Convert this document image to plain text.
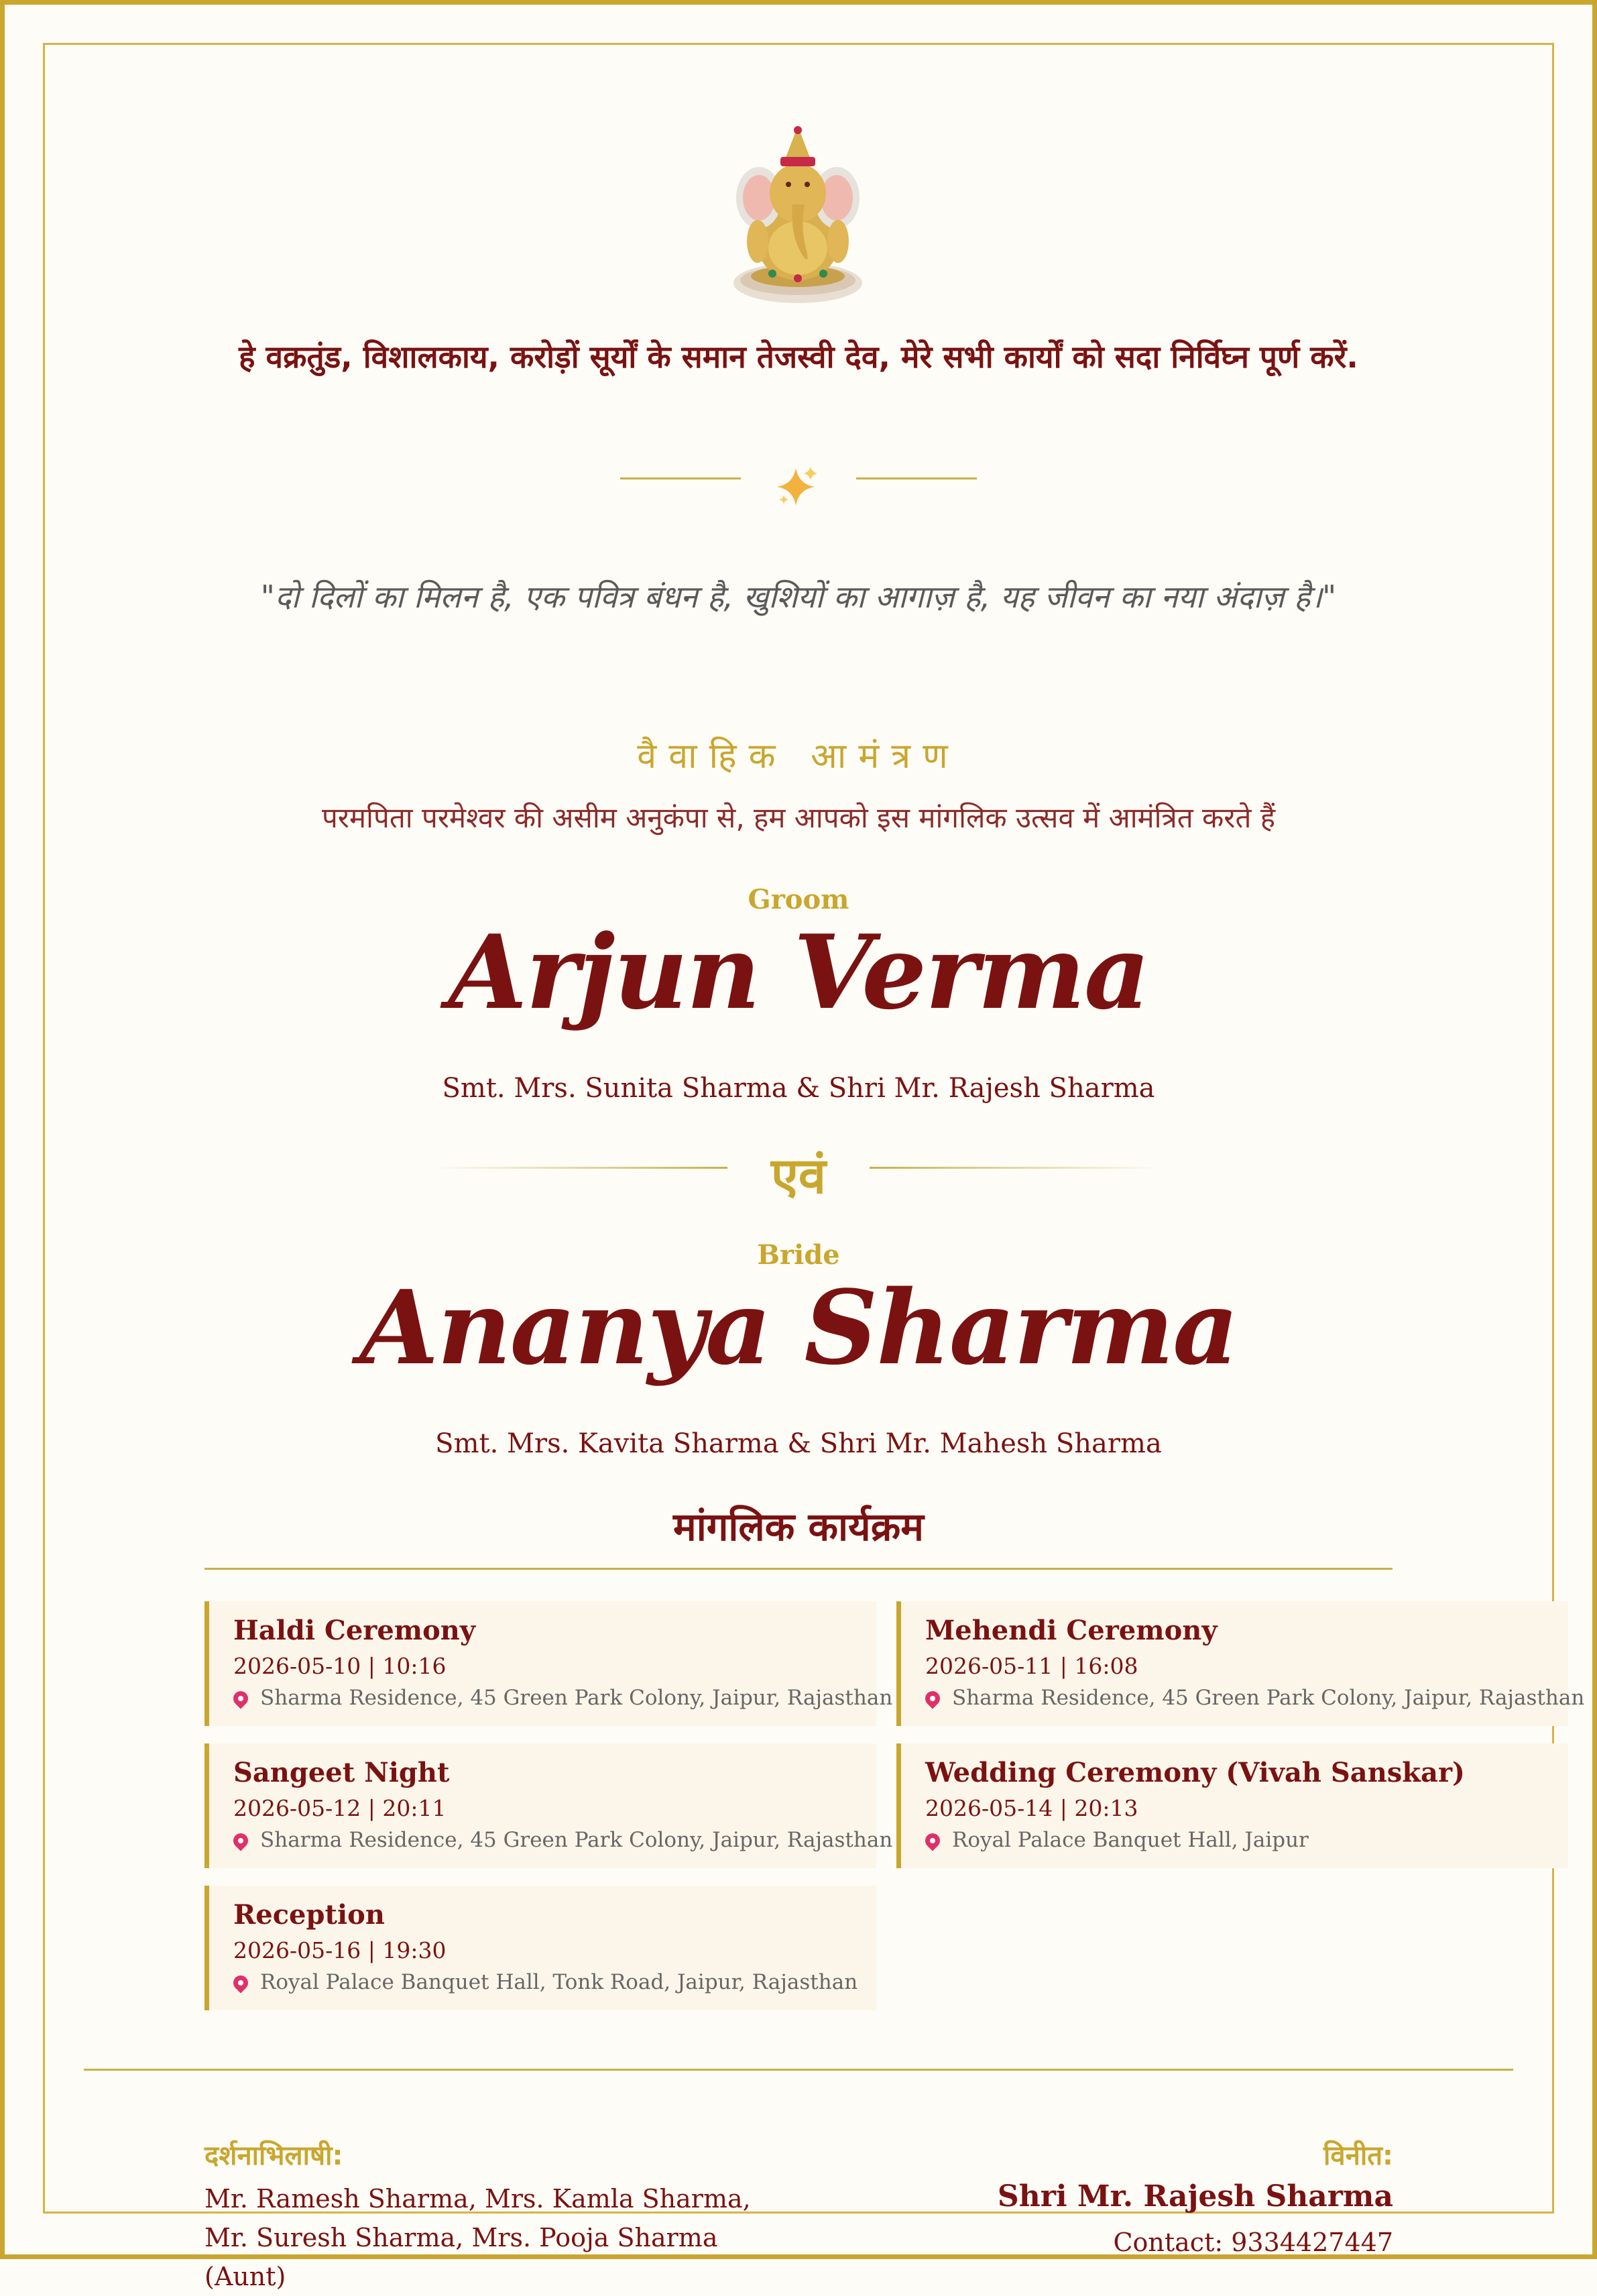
हे वक्रतुंड, विशालकाय, करोड़ों सूर्यों के समान तेजस्वी देव, मेरे सभी कार्यों को सदा निर्विघ्न पूर्ण करें.
"दो दिलों का मिलन है, एक पवित्र बंधन है, खुशियों का आगाज़ है, यह जीवन का नया अंदाज़ है।"
वैवाहिक आमंत्रण
परमपिता परमेश्वर की असीम अनुकंपा से, हम आपको इस मांगलिक उत्सव में आमंत्रित करते हैं
Groom
Arjun Verma
Smt. Mrs. Sunita Sharma & Shri Mr. Rajesh Sharma
एवं
Bride
Ananya Sharma
Smt. Mrs. Kavita Sharma & Shri Mr. Mahesh Sharma
मांगलिक कार्यक्रम
Haldi Ceremony
2026-05-10 | 10:16
Sharma Residence, 45 Green Park Colony, Jaipur, Rajasthan
Mehendi Ceremony
2026-05-11 | 16:08
Sharma Residence, 45 Green Park Colony, Jaipur, Rajasthan
Sangeet Night
2026-05-12 | 20:11
Sharma Residence, 45 Green Park Colony, Jaipur, Rajasthan
Wedding Ceremony (Vivah Sanskar)
2026-05-14 | 20:13
Royal Palace Banquet Hall, Jaipur
Reception
2026-05-16 | 19:30
Royal Palace Banquet Hall, Tonk Road, Jaipur, Rajasthan
दर्शनाभिलाषी:
Mr. Ramesh Sharma, Mrs. Kamla Sharma, Mr. Suresh Sharma, Mrs. Pooja Sharma (Aunt)
विनीत:
Shri Mr. Rajesh Sharma
Contact: 9334427447
